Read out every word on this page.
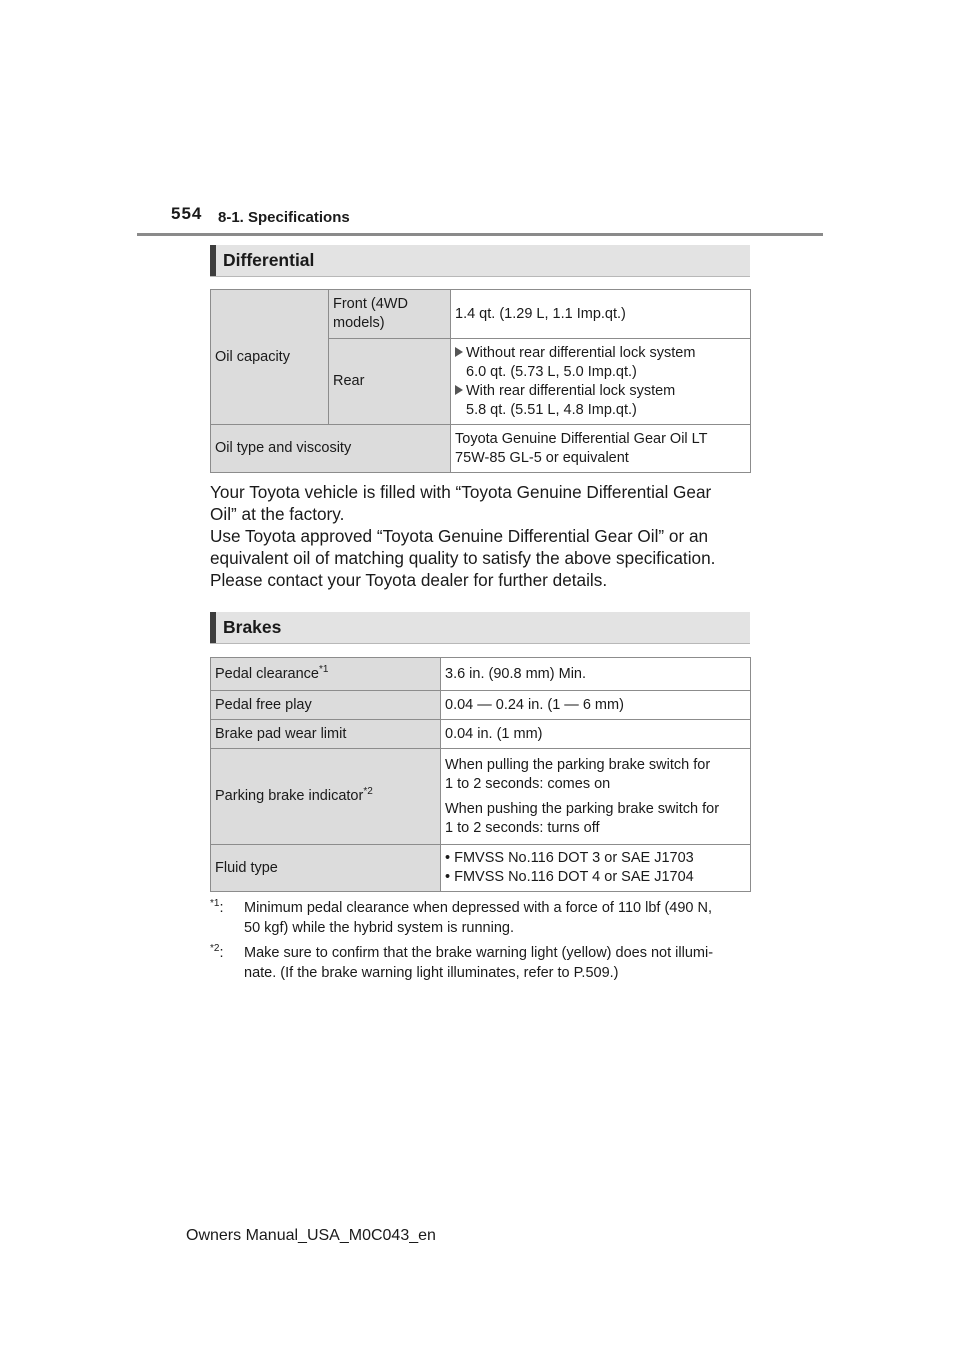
554 8-1. Specifications
Differential
Oil capacity	Front (4WD
models)	1.4 qt. (1.29 L, 1.1 Imp.qt.)
	Rear	Without rear differential lock system
6.0 qt. (5.73 L, 5.0 Imp.qt.)
With rear differential lock system
5.8 qt. (5.51 L, 4.8 Imp.qt.)

Oil type and viscosity		Toyota Genuine Differential Gear Oil LT
75W-85 GL-5 or equivalent
Your Toyota vehicle is filled with “Toyota Genuine Differential Gear
Oil” at the factory.
Use Toyota approved “Toyota Genuine Differential Gear Oil” or an
equivalent oil of matching quality to satisfy the above specification.
Please contact your Toyota dealer for further details.
Brakes
Pedal clearance$^{*1}$	3.6 in. (90.8 mm) Min.
Pedal free play	0.04 — 0.24 in. (1 — 6 mm)
Brake pad wear limit	0.04 in. (1 mm)
Parking brake indicator$^{*2}$	When pulling the parking brake switch for
1 to 2 seconds: comes on
When pushing the parking brake switch for
1 to 2 seconds: turns off

Fluid type	• FMVSS No.116 DOT 3 or SAE J1703
• FMVSS No.116 DOT 4 or SAE J1704
$^{*1}$: Minimum pedal clearance when depressed with a force of 110 lbf (490 N,
50 kgf) while the hybrid system is running.
$^{*2}$: Make sure to confirm that the brake warning light (yellow) does not illumi-
nate. (If the brake warning light illuminates, refer to P.509.)
Owners Manual_USA_M0C043_en
